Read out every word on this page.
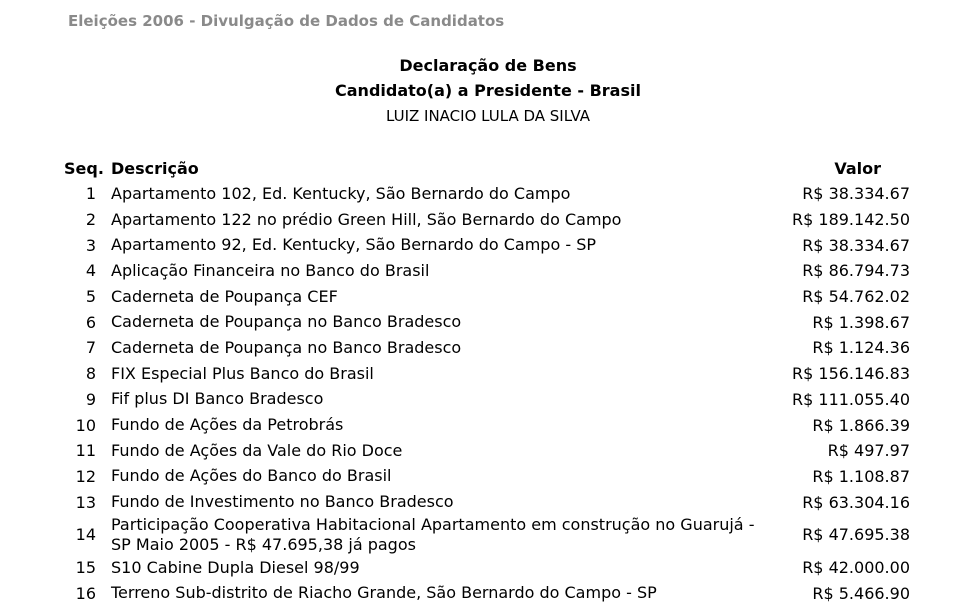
Eleições 2006 - Divulgação de Dados de Candidatos
Declaração de Bens
Candidato(a) a Presidente - Brasil
LUIZ INACIO LULA DA SILVA
Seq.	Descrição	Valor
1	Apartamento 102, Ed. Kentucky, São Bernardo do Campo	R$ 38.334.67
2	Apartamento 122 no prédio Green Hill, São Bernardo do Campo	R$ 189.142.50
3	Apartamento 92, Ed. Kentucky, São Bernardo do Campo - SP	R$ 38.334.67
4	Aplicação Financeira no Banco do Brasil	R$ 86.794.73
5	Caderneta de Poupança CEF	R$ 54.762.02
6	Caderneta de Poupança no Banco Bradesco	R$ 1.398.67
7	Caderneta de Poupança no Banco Bradesco	R$ 1.124.36
8	FIX Especial Plus Banco do Brasil	R$ 156.146.83
9	Fif plus DI Banco Bradesco	R$ 111.055.40
10	Fundo de Ações da Petrobrás	R$ 1.866.39
11	Fundo de Ações da Vale do Rio Doce	R$ 497.97
12	Fundo de Ações do Banco do Brasil	R$ 1.108.87
13	Fundo de Investimento no Banco Bradesco	R$ 63.304.16
14	Participação Cooperativa Habitacional Apartamento em construção no Guarujá - SP Maio 2005 - R$ 47.695,38 já pagos	R$ 47.695.38
15	S10 Cabine Dupla Diesel 98/99	R$ 42.000.00
16	Terreno Sub-distrito de Riacho Grande, São Bernardo do Campo - SP	R$ 5.466.90
